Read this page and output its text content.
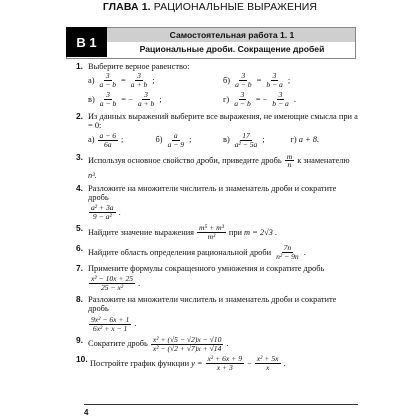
ГЛАВА 1. РАЦИОНАЛЬНЫЕ ВЫРАЖЕНИЯ
В 1	Самостоятельная работа 1. 1
Рациональные дроби. Сокращение дробей
1. Выберите верное равенство:
$а) \frac{3}{a - b} = \frac{3}{a + b}$ ;	$б) \frac{3}{a - b} = \frac{3}{b - a}$ ;
$в) \frac{3}{a - b}$ = − $\frac{3}{a + b}$ ;	$г) \frac{3}{a - b}$ = − $\frac{3}{b - a}$ .
2. Из данных выражений выберите все выражения, не имеющие смысла при a = 0:
$а) \frac{a - 6}{6a}$ ;	$б) \frac{a}{a - 9}$ ;	$в) \frac{17}{\text{a² − 5a}}$ ;	г) a + 8.
3. Используя основное свойство дроби, приведите дробь $\frac{m}{n}$ к знаменателю
n³.
4. Разложите на множители числитель и знаменатель дроби и сократите дробь
$\frac{\text{a² + 3a}}{\text{9 − a²}}$ .
5. Найдите значение выражения $\frac{\text{m⁵ + m³}}{\text{m³}}$ при m = 2√3 .
6. Найдите область определения рациональной дроби $\frac{7n}{\text{n² − 9n}}$ .
7. Примените формулы сокращенного умножения и сократите дробь
$\frac{\text{x² − 10x + 25}}{\text{25 − x²}}$ .
8. Разложите на множители числитель и знаменатель дроби и сократите дробь
$\frac{\text{9x² − 6x + 1}}{\text{6x² + x − 1}}$ .
9. Сократите дробь $\frac{\text{x² + (√5 − √2)x − √10}}{\text{x² − (√2 + √7)x + √14}}$ .
10. Постройте график функции $y = \frac{\text{x² + 6x + 9}}{x + 3} - \frac{\text{x² + 5x}}{x}$ .
4
